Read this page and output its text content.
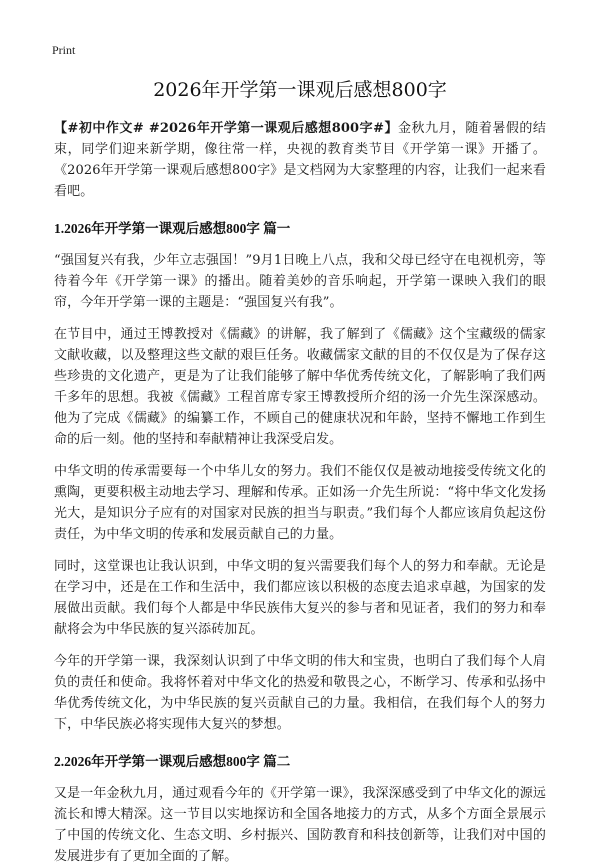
Print
2026年开学第一课观后感想800字

【#初中作文# #2026年开学第一课观后感想800字#】金秋九月，随着暑假的结束，同学们迎来新学期，像往常一样，央视的教育类节目《开学第一课》开播了。《2026年开学第一课观后感想800字》是文档网为大家整理的内容，让我们一起来看看吧。

1.2026年开学第一课观后感想800字 篇一

“强国复兴有我，少年立志强国！”9月1日晚上八点，我和父母已经守在电视机旁，等待着今年《开学第一课》的播出。随着美妙的音乐响起，开学第一课映入我们的眼帘，今年开学第一课的主题是：“强国复兴有我”。

在节目中，通过王博教授对《儒藏》的讲解，我了解到了《儒藏》这个宝藏级的儒家文献收藏，以及整理这些文献的艰巨任务。收藏儒家文献的目的不仅仅是为了保存这些珍贵的文化遗产，更是为了让我们能够了解中华优秀传统文化，了解影响了我们两千多年的思想。我被《儒藏》工程首席专家王博教授所介绍的汤一介先生深深感动。他为了完成《儒藏》的编纂工作，不顾自己的健康状况和年龄，坚持不懈地工作到生命的后一刻。他的坚持和奉献精神让我深受启发。

中华文明的传承需要每一个中华儿女的努力。我们不能仅仅是被动地接受传统文化的熏陶，更要积极主动地去学习、理解和传承。正如汤一介先生所说：“将中华文化发扬光大，是知识分子应有的对国家对民族的担当与职责。”我们每个人都应该肩负起这份责任，为中华文明的传承和发展贡献自己的力量。

同时，这堂课也让我认识到，中华文明的复兴需要我们每个人的努力和奉献。无论是在学习中，还是在工作和生活中，我们都应该以积极的态度去追求卓越，为国家的发展做出贡献。我们每个人都是中华民族伟大复兴的参与者和见证者，我们的努力和奉献将会为中华民族的复兴添砖加瓦。

今年的开学第一课，我深刻认识到了中华文明的伟大和宝贵，也明白了我们每个人肩负的责任和使命。我将怀着对中华文化的热爱和敬畏之心，不断学习、传承和弘扬中华优秀传统文化，为中华民族的复兴贡献自己的力量。我相信，在我们每个人的努力下，中华民族必将实现伟大复兴的梦想。

2.2026年开学第一课观后感想800字 篇二

又是一年金秋九月，通过观看今年的《开学第一课》，我深深感受到了中华文化的源远流长和博大精深。这一节目以实地探访和全国各地接力的方式，从多个方面全景展示了中国的传统文化、生态文明、乡村振兴、国防教育和科技创新等，让我们对中国的发展进步有了更加全面的了解。
